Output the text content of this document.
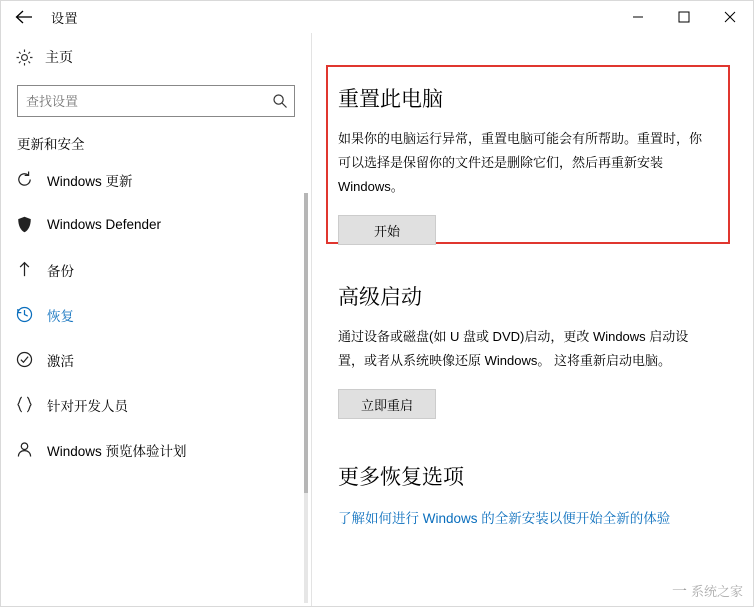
设置
主页
查找设置
更新和安全
Windows 更新
Windows Defender
备份
恢复
激活
针对开发人员
Windows 预览体验计划
重置此电脑
如果你的电脑运行异常，重置电脑可能会有所帮助。重置时，你可以选择是保留你的文件还是删除它们，然后再重新安装 Windows。
开始
高级启动
通过设备或磁盘(如 U 盘或 DVD)启动，更改 Windows 启动设置，或者从系统映像还原 Windows。 这将重新启动电脑。
立即重启
更多恢复选项
了解如何进行 Windows 的全新安装以便开始全新的体验
一 系统之家
